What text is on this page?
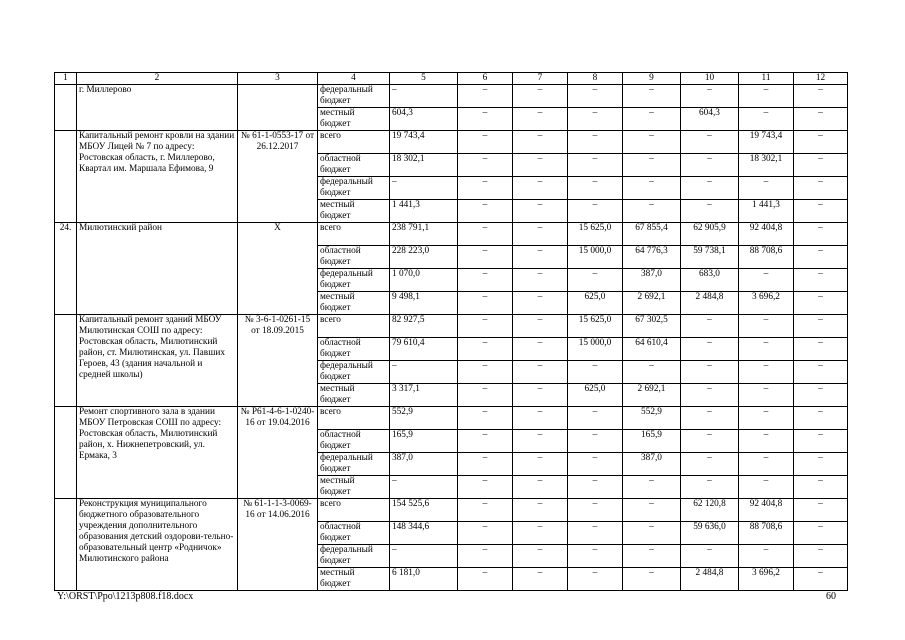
1	2	3	4	5	6	7	8	9	10	11	12
	г. Миллерово		федеральный бюджет	–	–	–	–	–	–	–	–
			местный бюджет	604,3	–	–	–	–	604,3	–	–
	Капитальный ремонт кровли на здании МБОУ Лицей № 7 по адресу: Ростовская область, г. Миллерово, Квартал им. Маршала Ефимова, 9	№ 61-1-0553-17 от 26.12.2017	всего	19 743,4	–	–	–	–	–	19 743,4	–
			областной бюджет	18 302,1	–	–	–	–	–	18 302,1	–
			федеральный бюджет	–	–	–	–	–	–	–	–
			местный бюджет	1 441,3	–	–	–	–	–	1 441,3	–
24.	Милютинский район	Х	всего	238 791,1	–	–	15 625,0	67 855,4	62 905,9	92 404,8	–
			областной бюджет	228 223,0	–	–	15 000,0	64 776,3	59 738,1	88 708,6	–
			федеральный бюджет	1 070,0	–	–	–	387,0	683,0	–	–
			местный бюджет	9 498,1	–	–	625,0	2 692,1	2 484,8	3 696,2	–
	Капитальный ремонт зданий МБОУ Милютинская СОШ по адресу: Ростовская область, Милютинский район, ст. Милютинская, ул. Павших Героев, 43 (здания начальной и средней школы)	№ 3-6-1-0261-15 от 18.09.2015	всего	82 927,5	–	–	15 625,0	67 302,5	–	–	–
			областной бюджет	79 610,4	–	–	15 000,0	64 610,4	–	–	–
			федеральный бюджет	–	–	–	–	–	–	–	–
			местный бюджет	3 317,1	–	–	625,0	2 692,1	–	–	–
	Ремонт спортивного зала в здании МБОУ Петровская СОШ по адресу: Ростовская область, Милютинский район, х. Нижнепетровский, ул. Ермака, 3	№ Р61-4-6-1-0240-16 от 19.04.2016	всего	552,9	–	–	–	552,9	–	–	–
			областной бюджет	165,9	–	–	–	165,9	–	–	–
			федеральный бюджет	387,0	–	–	–	387,0	–	–	–
			местный бюджет	–	–	–	–	–	–	–	–
	Реконструкция муниципального бюджетного образовательного учреждения дополнительного образования детский оздорови-тельно-образовательный центр «Родничок» Милютинского района	№ 61-1-1-3-0069-16 от 14.06.2016	всего	154 525,6	–	–	–	–	62 120,8	92 404,8	–
			областной бюджет	148 344,6	–	–	–	–	59 636,0	88 708,6	–
			федеральный бюджет	–	–	–	–	–	–	–	–
			местный бюджет	6 181,0	–	–	–	–	2 484,8	3 696,2	–
Y:\ORST\Ppo\1213p808.f18.docx	60
